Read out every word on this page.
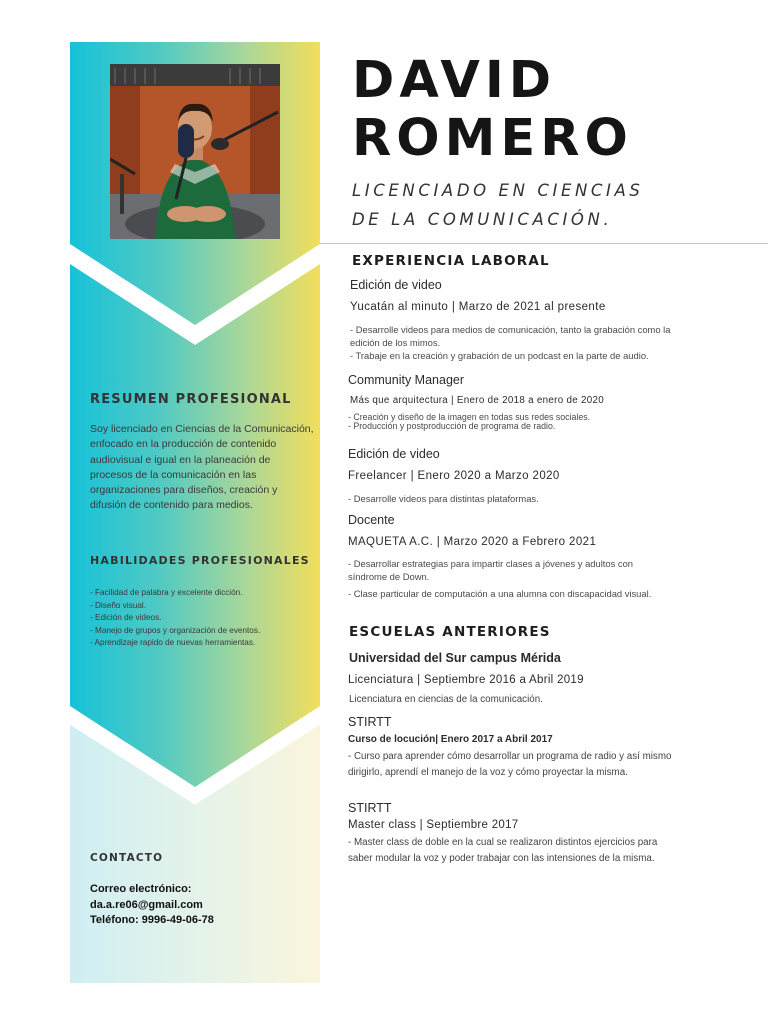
RESUMEN PROFESIONAL
Soy licenciado en Ciencias de la Comunicación, enfocado en la producción de contenido audiovisual e igual en la planeación de procesos de la comunicación en las organizaciones para diseños, creación y difusión de contenido para medios.
HABILIDADES PROFESIONALES
- Facilidad de palabra y excelente dicción.
- Diseño visual.
- Edición de videos.
- Manejo de grupos y organización de eventos.
- Aprendizaje rapido de nuevas herramientas.
CONTACTO
Correo electrónico:
da.a.re06@gmail.com
Teléfono: 9996-49-06-78
DAVID
ROMERO
LICENCIADO EN CIENCIAS
DE LA COMUNICACIÓN.
EXPERIENCIA LABORAL
Edición de video
Yucatán al minuto | Marzo de 2021 al presente
- Desarrolle videos para medios de comunicación, tanto la grabación como la edición de los mimos.
- Trabaje en la creación y grabación de un podcast en la parte de audio.
Community Manager
Más que arquitectura | Enero de 2018 a enero de 2020
- Creación y diseño de la imagen en todas sus redes sociales.
- Producción y postproducción de programa de radio.
Edición de video
Freelancer | Enero 2020 a Marzo 2020
- Desarrolle videos para distintas plataformas.
Docente
MAQUETA A.C. | Marzo 2020 a Febrero 2021
- Desarrollar estrategias para impartir clases a jóvenes y adultos con síndrome de Down.
- Clase particular de computación a una alumna con discapacidad visual.
ESCUELAS ANTERIORES
Universidad del Sur campus Mérida
Licenciatura | Septiembre 2016 a Abril 2019
Licenciatura en ciencias de la comunicación.
STIRTT
Curso de locución| Enero 2017 a Abril 2017
- Curso para aprender cómo desarrollar un programa de radio y así mismo dirigirlo, aprendí el manejo de la voz y cómo proyectar la misma.
STIRTT
Master class | Septiembre 2017
- Master class de doble en la cual se realizaron distintos ejercicios para saber modular la voz y poder trabajar con las intensiones de la misma.
